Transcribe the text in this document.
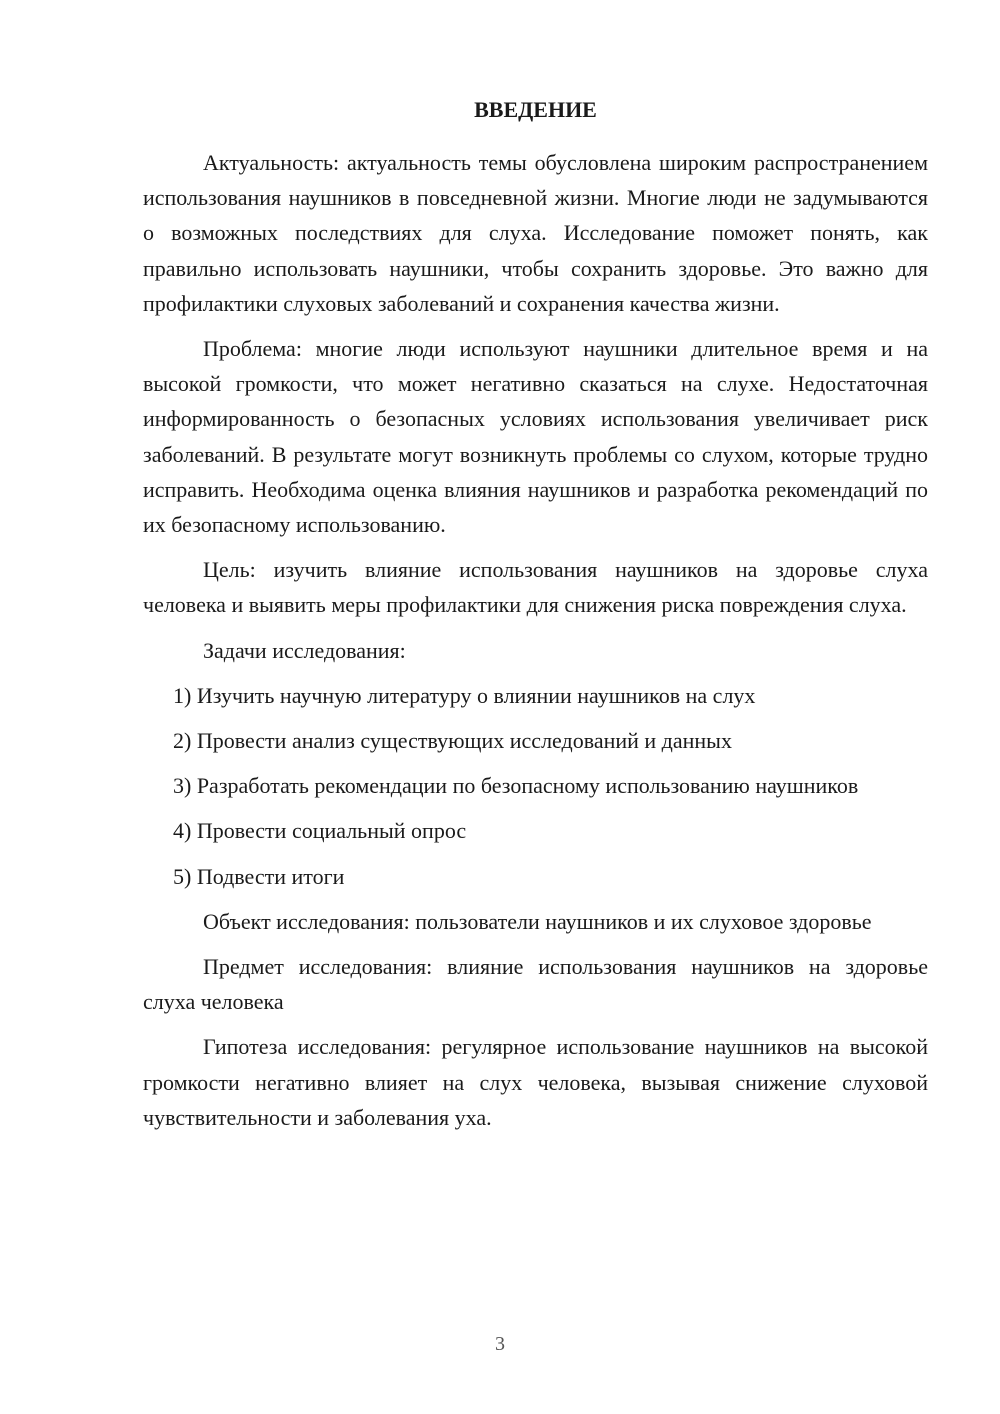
ВВЕДЕНИЕ

Актуальность: актуальность темы обусловлена широким распространением использования наушников в повседневной жизни. Многие люди не задумываются о возможных последствиях для слуха. Исследование поможет понять, как правильно использовать наушники, чтобы сохранить здоровье. Это важно для профилактики слуховых заболеваний и сохранения качества жизни.

Проблема: многие люди используют наушники длительное время и на высокой громкости, что может негативно сказаться на слухе. Недостаточная информированность о безопасных условиях использования увеличивает риск заболеваний. В результате могут возникнуть проблемы со слухом, которые трудно исправить. Необходима оценка влияния наушников и разработка рекомендаций по их безопасному использованию.

Цель: изучить влияние использования наушников на здоровье слуха человека и выявить меры профилактики для снижения риска повреждения слуха.

Задачи исследования:

1) Изучить научную литературу о влиянии наушников на слух

2) Провести анализ существующих исследований и данных

3) Разработать рекомендации по безопасному использованию наушников

4) Провести социальный опрос

5) Подвести итоги

Объект исследования: пользователи наушников и их слуховое здоровье

Предмет исследования: влияние использования наушников на здоровье слуха человека

Гипотеза исследования: регулярное использование наушников на высокой громкости негативно влияет на слух человека, вызывая снижение слуховой чувствительности и заболевания уха.

3
